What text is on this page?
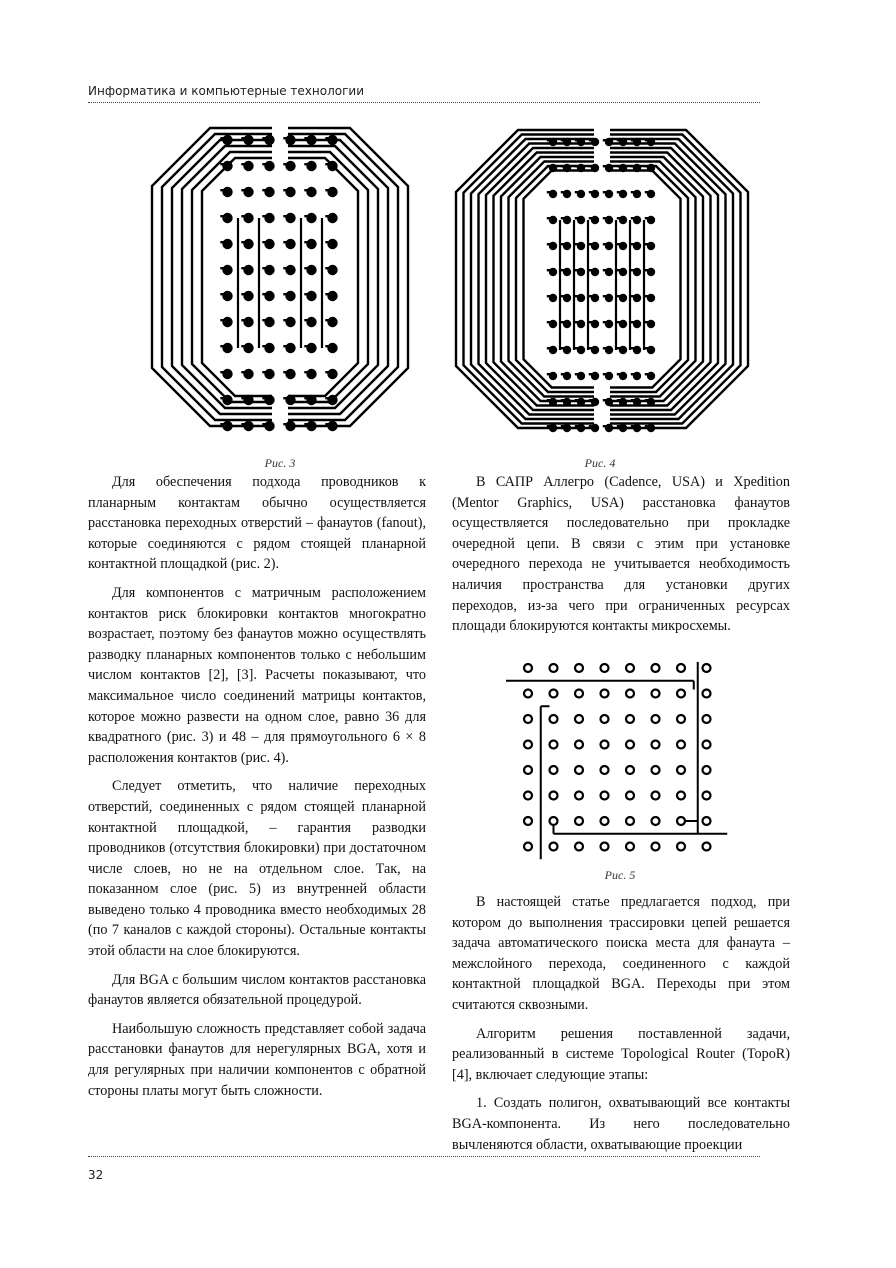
Информатика и компьютерные технологии
Рис. 3	Рис. 4

Для обеспечения подхода проводников к планарным контактам обычно осуществляется расстановка переходных отверстий – фанаутов (fanout), которые соединяются с рядом стоящей планарной контактной площадкой (рис. 2).

Для компонентов с матричным расположением контактов риск блокировки контактов многократно возрастает, поэтому без фанаутов можно осуществлять разводку планарных компонентов только с небольшим числом контактов [2], [3]. Расчеты показывают, что максимальное число соединений матрицы контактов, которое можно развести на одном слое, равно 36 для квадратного (рис. 3) и 48 – для прямоугольного 6 × 8 расположения контактов (рис. 4).

Следует отметить, что наличие переходных отверстий, соединенных с рядом стоящей планарной контактной площадкой, – гарантия разводки проводников (отсутствия блокировки) при достаточном числе слоев, но не на отдельном слое. Так, на показанном слое (рис. 5) из внутренней области выведено только 4 проводника вместо необходимых 28 (по 7 каналов с каждой стороны). Остальные контакты этой области на слое блокируются.

Для BGA с большим числом контактов расстановка фанаутов является обязательной процедурой.

Наибольшую сложность представляет собой задача расстановки фанаутов для нерегулярных BGA, хотя и для регулярных при наличии компонентов с обратной стороны платы могут быть сложности.

В САПР Аллегро (Cadence, USA) и Xpedition (Mentor Graphics, USA) расстановка фанаутов осуществляется последовательно при прокладке очередной цепи. В связи с этим при установке очередного перехода не учитывается необходимость наличия пространства для установки других переходов, из-за чего при ограниченных ресурсах площади блокируются контакты микросхемы.

Рис. 5

В настоящей статье предлагается подход, при котором до выполнения трассировки цепей решается задача автоматического поиска места для фанаута – межслойного перехода, соединенного с каждой контактной площадкой BGA. Переходы при этом считаются сквозными.

Алгоритм решения поставленной задачи, реализованный в системе Topological Router (TopoR) [4], включает следующие этапы:

1. Создать полигон, охватывающий все контакты BGA-компонента. Из него последовательно вычленяются области, охватывающие проекции

32
